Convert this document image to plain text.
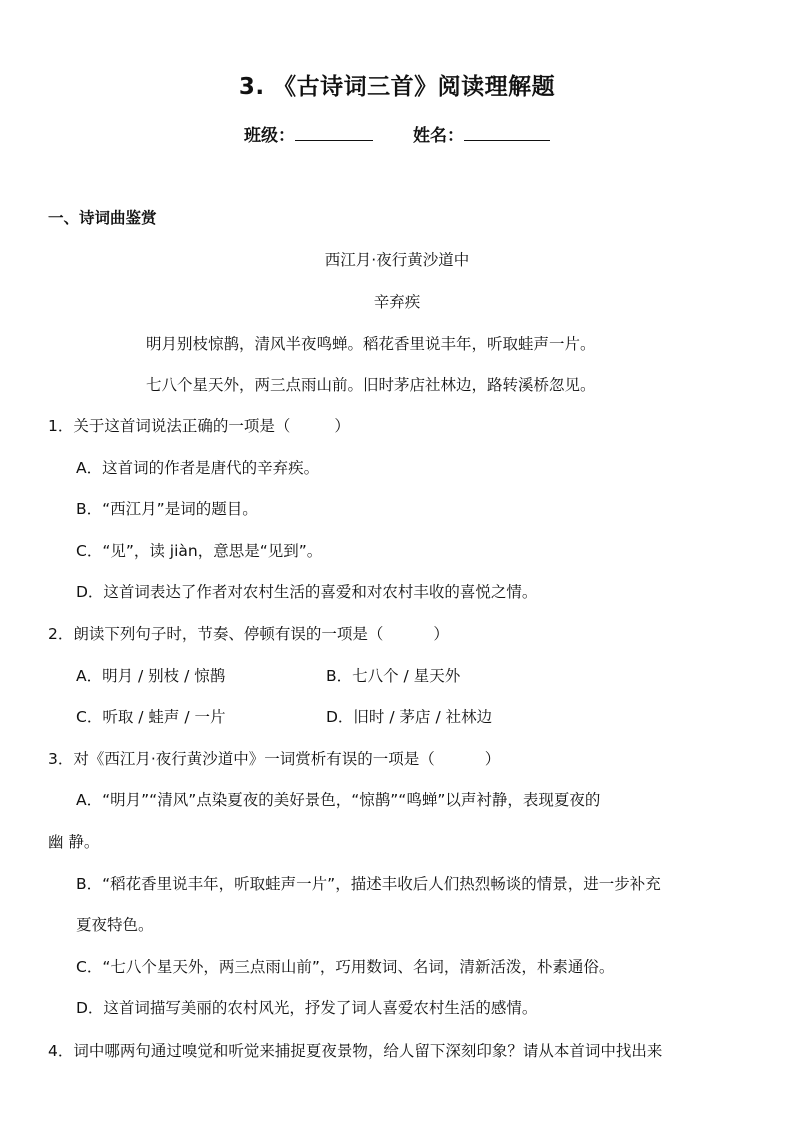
3. 《古诗词三首》阅读理解题
班级：	姓名：
一、诗词曲鉴赏
西江月·夜行黄沙道中
辛弃疾
明月别枝惊鹊，清风半夜鸣蝉。稻花香里说丰年，听取蛙声一片。
七八个星天外，两三点雨山前。旧时茅店社林边，路转溪桥忽见。
1．关于这首词说法正确的一项是（	）
A．这首词的作者是唐代的辛弃疾。
B．“西江月”是词的题目。
C．“见”，读 jiàn，意思是“见到”。
D．这首词表达了作者对农村生活的喜爱和对农村丰收的喜悦之情。
2．朗读下列句子时，节奏、停顿有误的一项是（	）
A．明月 / 别枝 / 惊鹊	B．七八个 / 星天外
C．听取 / 蛙声 / 一片	D．旧时 / 茅店 / 社林边
3．对《西江月·夜行黄沙道中》一词赏析有误的一项是（	）
A．“明月”“清风”点染夏夜的美好景色，“惊鹊”“鸣蝉”以声衬静，表现夏夜的
幽 静。
B．“稻花香里说丰年，听取蛙声一片”，描述丰收后人们热烈畅谈的情景，进一步补充
夏夜特色。
C．“七八个星天外，两三点雨山前”，巧用数词、名词，清新活泼，朴素通俗。
D．这首词描写美丽的农村风光，抒发了词人喜爱农村生活的感情。
4．词中哪两句通过嗅觉和听觉来捕捉夏夜景物，给人留下深刻印象？请从本首词中找出来
